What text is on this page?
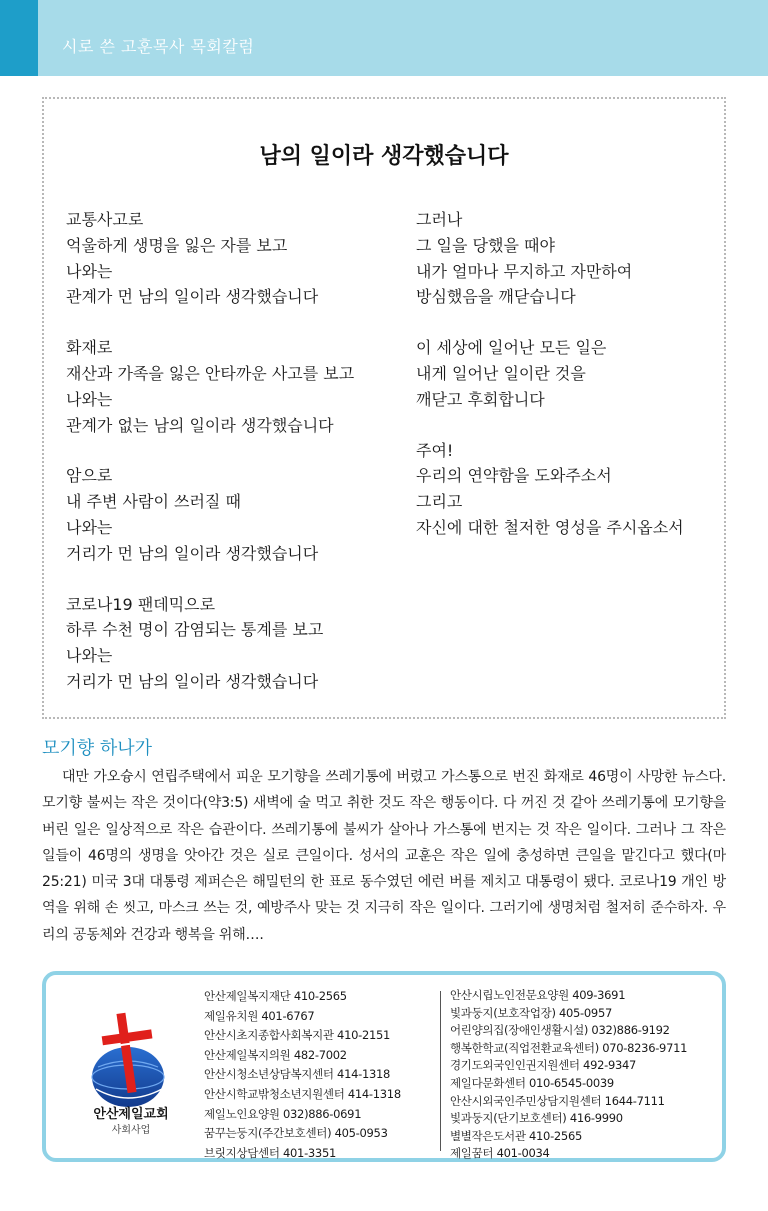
시로 쓴 고훈목사 목회칼럼
남의 일이라 생각했습니다
교통사고로
억울하게 생명을 잃은 자를 보고
나와는
관계가 먼 남의 일이라 생각했습니다
화재로
재산과 가족을 잃은 안타까운 사고를 보고
나와는
관계가 없는 남의 일이라 생각했습니다
암으로
내 주변 사람이 쓰러질 때
나와는
거리가 먼 남의 일이라 생각했습니다
코로나19 팬데믹으로
하루 수천 명이 감염되는 통계를 보고
나와는
거리가 먼 남의 일이라 생각했습니다
그러나
그 일을 당했을 때야
내가 얼마나 무지하고 자만하여
방심했음을 깨닫습니다
이 세상에 일어난 모든 일은
내게 일어난 일이란 것을
깨닫고 후회합니다
주여!
우리의 연약함을 도와주소서
그리고
자신에 대한 철저한 영성을 주시옵소서
모기향 하나가
대만 가오슝시 연립주택에서 피운 모기향을 쓰레기통에 버렸고 가스통으로 번진 화재로 46명이 사망한 뉴스다. 모기향 불씨는 작은 것이다(약3:5) 새벽에 술 먹고 취한 것도 작은 행동이다. 다 꺼진 것 같아 쓰레기통에 모기향을 버린 일은 일상적으로 작은 습관이다. 쓰레기통에 불씨가 살아나 가스통에 번지는 것 작은 일이다. 그러나 그 작은 일들이 46명의 생명을 앗아간 것은 실로 큰일이다. 성서의 교훈은 작은 일에 충성하면 큰일을 맡긴다고 했다(마25:21) 미국 3대 대통령 제퍼슨은 해밀턴의 한 표로 동수였던 에런 버를 제치고 대통령이 됐다. 코로나19 개인 방역을 위해 손 씻고, 마스크 쓰는 것, 예방주사 맞는 것 지극히 작은 일이다. 그러기에 생명처럼 철저히 준수하자. 우리의 공동체와 건강과 행복을 위해….
안산제일교회
사회사업
안산제일복지재단 410-2565
제일유치원 401-6767
안산시초지종합사회복지관 410-2151
안산제일복지의원 482-7002
안산시청소년상담복지센터 414-1318
안산시학교밖청소년지원센터 414-1318
제일노인요양원 032)886-0691
꿈꾸는둥지(주간보호센터) 405-0953
브릿지상담센터 401-3351
안산시립노인전문요양원 409-3691
빛과둥지(보호작업장) 405-0957
어린양의집(장애인생활시설) 032)886-9192
행복한학교(직업전환교육센터) 070-8236-9711
경기도외국인인권지원센터 492-9347
제일다문화센터 010-6545-0039
안산시외국인주민상담지원센터 1644-7111
빛과둥지(단기보호센터) 416-9990
별별작은도서관 410-2565
제일꿈터 401-0034
